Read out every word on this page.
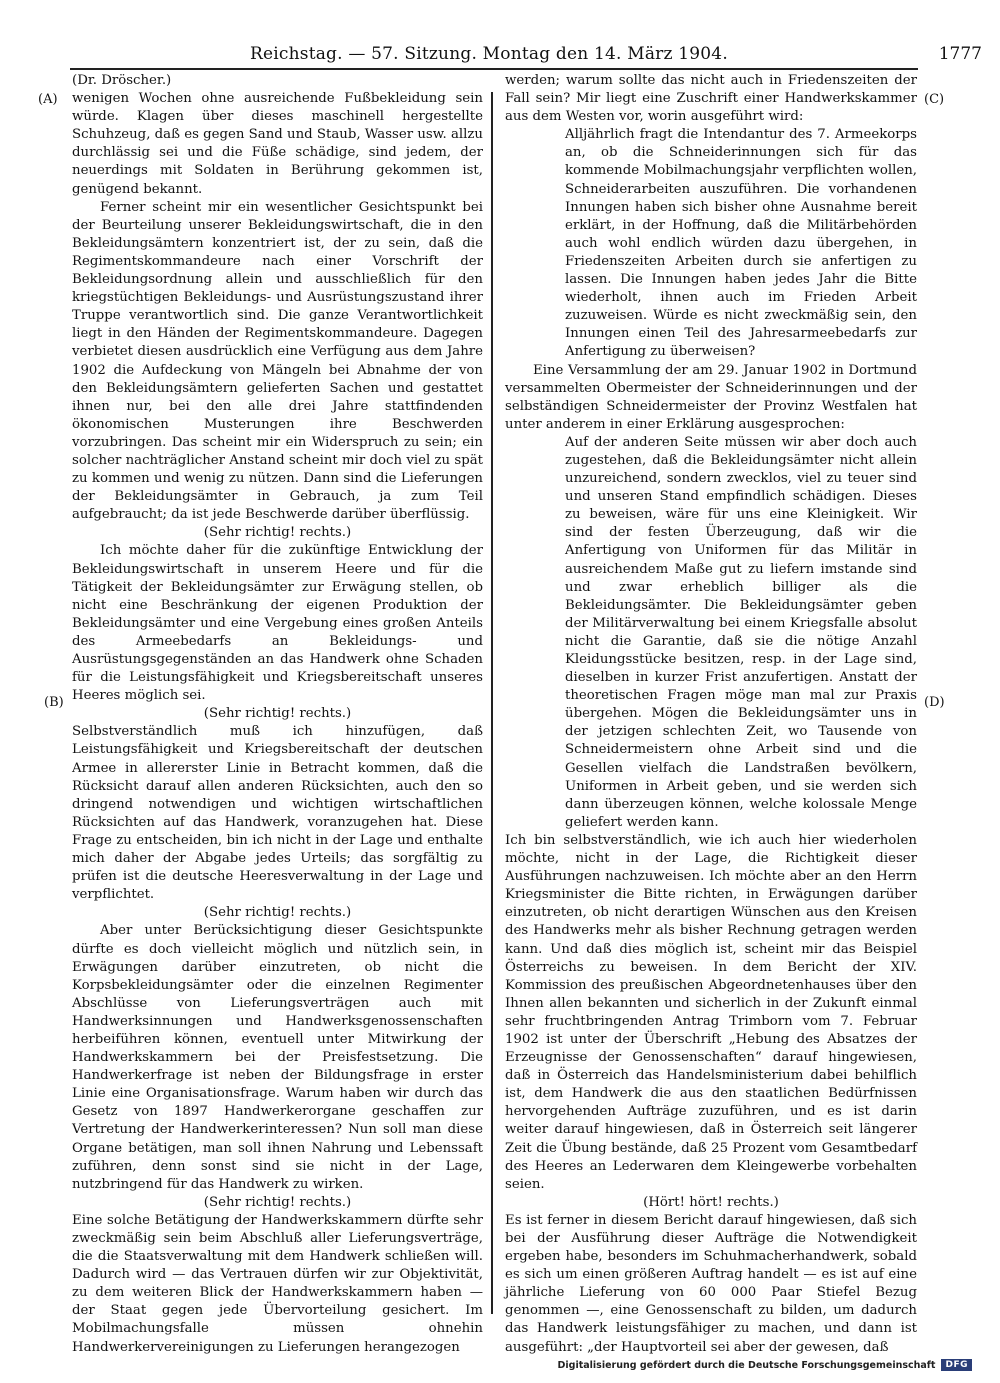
Reichstag. — 57. Sitzung. Montag den 14. März 1904.	1777
(A)
(B)
(C)
(D)

(Dr. Dröscher.)

wenigen Wochen ohne ausreichende Fußbekleidung sein würde. Klagen über dieses maschinell hergestellte Schuhzeug, daß es gegen Sand und Staub, Wasser usw. allzu durchlässig sei und die Füße schädige, sind jedem, der neuerdings mit Soldaten in Berührung gekommen ist, genügend bekannt.

Ferner scheint mir ein wesentlicher Gesichtspunkt bei der Beurteilung unserer Bekleidungswirtschaft, die in den Bekleidungsämtern konzentriert ist, der zu sein, daß die Regimentskommandeure nach einer Vorschrift der Bekleidungsordnung allein und ausschließlich für den kriegstüchtigen Bekleidungs- und Ausrüstungszustand ihrer Truppe verantwortlich sind. Die ganze Verantwortlichkeit liegt in den Händen der Regimentskommandeure. Dagegen verbietet diesen ausdrücklich eine Verfügung aus dem Jahre 1902 die Aufdeckung von Mängeln bei Abnahme der von den Bekleidungsämtern gelieferten Sachen und gestattet ihnen nur, bei den alle drei Jahre stattfindenden ökonomischen Musterungen ihre Beschwerden vorzubringen. Das scheint mir ein Widerspruch zu sein; ein solcher nachträglicher Anstand scheint mir doch viel zu spät zu kommen und wenig zu nützen. Dann sind die Lieferungen der Bekleidungsämter in Gebrauch, ja zum Teil aufgebraucht; da ist jede Beschwerde darüber überflüssig.

(Sehr richtig! rechts.)

Ich möchte daher für die zukünftige Entwicklung der Bekleidungswirtschaft in unserem Heere und für die Tätigkeit der Bekleidungsämter zur Erwägung stellen, ob nicht eine Beschränkung der eigenen Produktion der Bekleidungsämter und eine Vergebung eines großen Anteils des Armeebedarfs an Bekleidungs- und Ausrüstungsgegenständen an das Handwerk ohne Schaden für die Leistungsfähigkeit und Kriegsbereitschaft unseres Heeres möglich sei.

(Sehr richtig! rechts.)

Selbstverständlich muß ich hinzufügen, daß Leistungsfähigkeit und Kriegsbereitschaft der deutschen Armee in allererster Linie in Betracht kommen, daß die Rücksicht darauf allen anderen Rücksichten, auch den so dringend notwendigen und wichtigen wirtschaftlichen Rücksichten auf das Handwerk, voranzugehen hat. Diese Frage zu entscheiden, bin ich nicht in der Lage und enthalte mich daher der Abgabe jedes Urteils; das sorgfältig zu prüfen ist die deutsche Heeresverwaltung in der Lage und verpflichtet.

(Sehr richtig! rechts.)

Aber unter Berücksichtigung dieser Gesichtspunkte dürfte es doch vielleicht möglich und nützlich sein, in Erwägungen darüber einzutreten, ob nicht die Korpsbekleidungsämter oder die einzelnen Regimenter Abschlüsse von Lieferungsverträgen auch mit Handwerksinnungen und Handwerksgenossenschaften herbeiführen können, eventuell unter Mitwirkung der Handwerkskammern bei der Preisfestsetzung. Die Handwerkerfrage ist neben der Bildungsfrage in erster Linie eine Organisationsfrage. Warum haben wir durch das Gesetz von 1897 Handwerkerorgane geschaffen zur Vertretung der Handwerkerinteressen? Nun soll man diese Organe betätigen, man soll ihnen Nahrung und Lebenssaft zuführen, denn sonst sind sie nicht in der Lage, nutzbringend für das Handwerk zu wirken.

(Sehr richtig! rechts.)

Eine solche Betätigung der Handwerkskammern dürfte sehr zweckmäßig sein beim Abschluß aller Lieferungsverträge, die die Staatsverwaltung mit dem Handwerk schließen will. Dadurch wird — das Vertrauen dürfen wir zur Objektivität, zu dem weiteren Blick der Handwerkskammern haben — der Staat gegen jede Übervorteilung gesichert. Im Mobilmachungsfalle müssen ohnehin Handwerkervereinigungen zu Lieferungen herangezogen

werden; warum sollte das nicht auch in Friedenszeiten der Fall sein? Mir liegt eine Zuschrift einer Handwerkskammer aus dem Westen vor, worin ausgeführt wird:

Alljährlich fragt die Intendantur des 7. Armeekorps an, ob die Schneiderinnungen sich für das kommende Mobilmachungsjahr verpflichten wollen, Schneiderarbeiten auszuführen. Die vorhandenen Innungen haben sich bisher ohne Ausnahme bereit erklärt, in der Hoffnung, daß die Militärbehörden auch wohl endlich würden dazu übergehen, in Friedenszeiten Arbeiten durch sie anfertigen zu lassen. Die Innungen haben jedes Jahr die Bitte wiederholt, ihnen auch im Frieden Arbeit zuzuweisen. Würde es nicht zweckmäßig sein, den Innungen einen Teil des Jahresarmeebedarfs zur Anfertigung zu überweisen?

Eine Versammlung der am 29. Januar 1902 in Dortmund versammelten Obermeister der Schneiderinnungen und der selbständigen Schneidermeister der Provinz Westfalen hat unter anderem in einer Erklärung ausgesprochen:

Auf der anderen Seite müssen wir aber doch auch zugestehen, daß die Bekleidungsämter nicht allein unzureichend, sondern zwecklos, viel zu teuer sind und unseren Stand empfindlich schädigen. Dieses zu beweisen, wäre für uns eine Kleinigkeit. Wir sind der festen Überzeugung, daß wir die Anfertigung von Uniformen für das Militär in ausreichendem Maße gut zu liefern imstande sind und zwar erheblich billiger als die Bekleidungsämter. Die Bekleidungsämter geben der Militärverwaltung bei einem Kriegsfalle absolut nicht die Garantie, daß sie die nötige Anzahl Kleidungsstücke besitzen, resp. in der Lage sind, dieselben in kurzer Frist anzufertigen. Anstatt der theoretischen Fragen möge man mal zur Praxis übergehen. Mögen die Bekleidungsämter uns in der jetzigen schlechten Zeit, wo Tausende von Schneidermeistern ohne Arbeit sind und die Gesellen vielfach die Landstraßen bevölkern, Uniformen in Arbeit geben, und sie werden sich dann überzeugen können, welche kolossale Menge geliefert werden kann.

Ich bin selbstverständlich, wie ich auch hier wiederholen möchte, nicht in der Lage, die Richtigkeit dieser Ausführungen nachzuweisen. Ich möchte aber an den Herrn Kriegsminister die Bitte richten, in Erwägungen darüber einzutreten, ob nicht derartigen Wünschen aus den Kreisen des Handwerks mehr als bisher Rechnung getragen werden kann. Und daß dies möglich ist, scheint mir das Beispiel Österreichs zu beweisen. In dem Bericht der XIV. Kommission des preußischen Abgeordnetenhauses über den Ihnen allen bekannten und sicherlich in der Zukunft einmal sehr fruchtbringenden Antrag Trimborn vom 7. Februar 1902 ist unter der Überschrift „Hebung des Absatzes der Erzeugnisse der Genossenschaften“ darauf hingewiesen, daß in Österreich das Handelsministerium dabei behilflich ist, dem Handwerk die aus den staatlichen Bedürfnissen hervorgehenden Aufträge zuzuführen, und es ist darin weiter darauf hingewiesen, daß in Österreich seit längerer Zeit die Übung bestände, daß 25 Prozent vom Gesamtbedarf des Heeres an Lederwaren dem Kleingewerbe vorbehalten seien.

(Hört! hört! rechts.)

Es ist ferner in diesem Bericht darauf hingewiesen, daß sich bei der Ausführung dieser Aufträge die Notwendigkeit ergeben habe, besonders im Schuhmacherhandwerk, sobald es sich um einen größeren Auftrag handelt — es ist auf eine jährliche Lieferung von 60 000 Paar Stiefel Bezug genommen —, eine Genossenschaft zu bilden, um dadurch das Handwerk leistungsfähiger zu machen, und dann ist ausgeführt: „der Hauptvorteil sei aber der gewesen, daß

Digitalisierung gefördert durch die Deutsche Forschungsgemeinschaft	DFG
